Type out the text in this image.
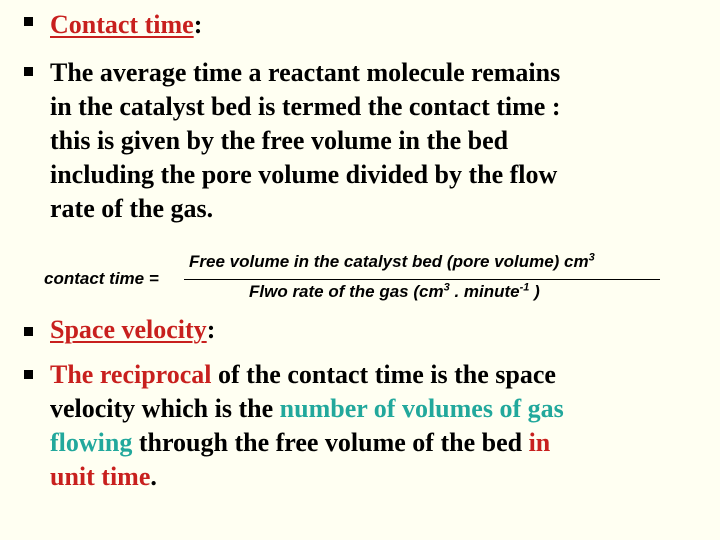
Contact time:
The average time a reactant molecule remains
in the catalyst bed is termed the contact time :
this is given by the free volume in the bed
including the pore volume divided by the flow
rate of the gas.
contact time =
Free volume in the catalyst bed (pore volume) $cm^3$
Flwo rate of the gas ($cm^3$ . minute$^{-1}$ )
Space velocity:
The reciprocal of the contact time is the space
velocity which is the number of volumes of gas
flowing through the free volume of the bed in
unit time.
